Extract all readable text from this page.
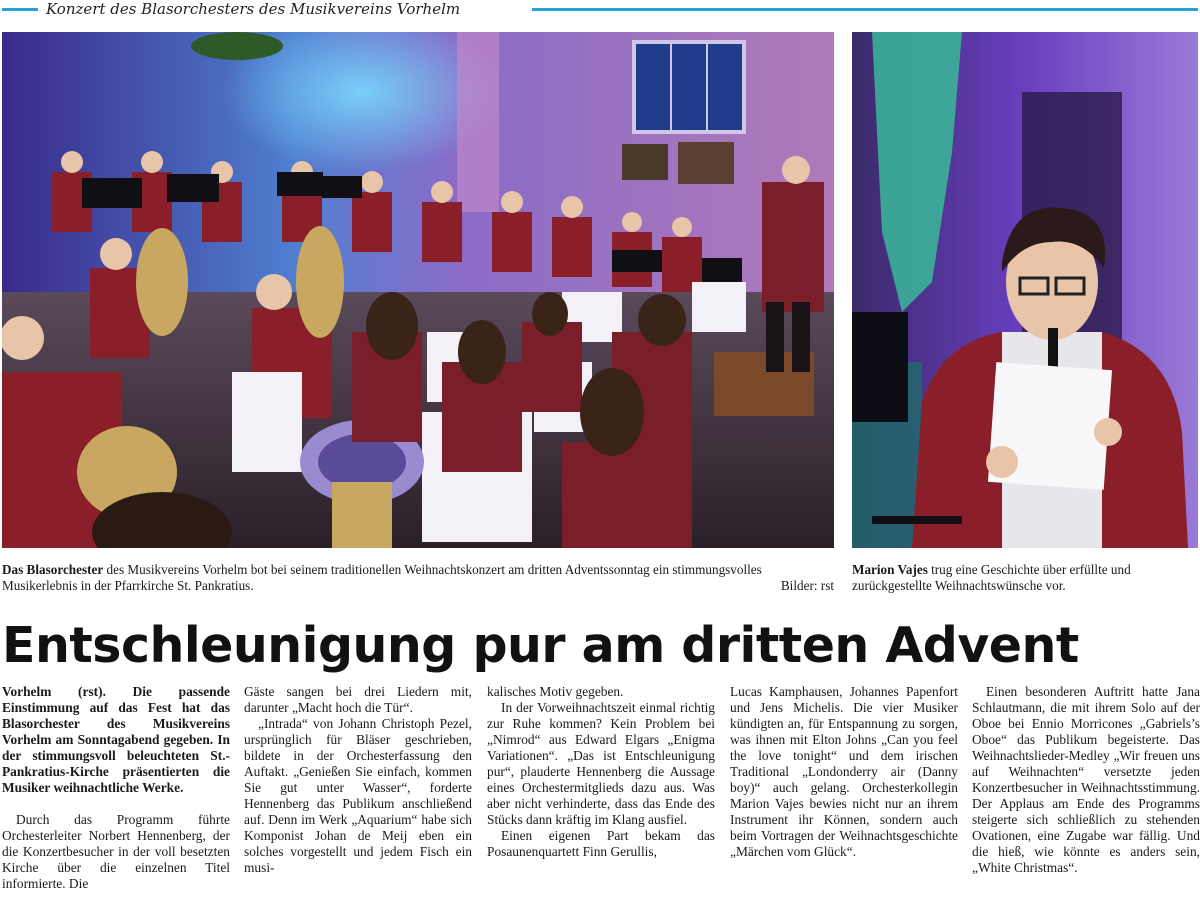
Konzert des Blasorchesters des Musikvereins Vorhelm
Das Blasorchester des Musikvereins Vorhelm bot bei seinem traditionellen Weihnachtskonzert am dritten Adventssonntag ein stimmungsvolles Musikerlebnis in der Pfarrkirche St. Pankratius.	Bilder: rst
Marion Vajes trug eine Geschichte über erfüllte und zurückgestellte Weihnachtswünsche vor.
Entschleunigung pur am dritten Advent

Vorhelm (rst). Die passende Einstimmung auf das Fest hat das Blasorchester des Musikvereins Vorhelm am Sonntagabend gegeben. In der stimmungsvoll beleuchteten St.-Pankratius-Kirche präsentierten die Musiker weihnachtliche Werke.

Durch das Programm führte Orchesterleiter Norbert Hennenberg, der die Konzertbesucher in der voll besetzten Kirche über die einzelnen Titel informierte. Die

Gäste sangen bei drei Liedern mit, darunter „Macht hoch die Tür“.

„Intrada“ von Johann Christoph Pezel, ursprünglich für Bläser geschrieben, bildete in der Orchesterfassung den Auftakt. „Genießen Sie einfach, kommen Sie gut unter Wasser“, forderte Hennenberg das Publikum anschließend auf. Denn im Werk „Aquarium“ habe sich Komponist Johan de Meij eben ein solches vorgestellt und jedem Fisch ein musi-

kalisches Motiv gegeben.

In der Vorweihnachtszeit einmal richtig zur Ruhe kommen? Kein Problem bei „Nimrod“ aus Edward Elgars „Enigma Variationen“. „Das ist Entschleunigung pur“, plauderte Hennenberg die Aussage eines Orchestermitglieds dazu aus. Was aber nicht verhinderte, dass das Ende des Stücks dann kräftig im Klang ausfiel.

Einen eigenen Part bekam das Posaunenquartett Finn Gerullis,

Lucas Kamphausen, Johannes Papenfort und Jens Michelis. Die vier Musiker kündigten an, für Entspannung zu sorgen, was ihnen mit Elton Johns „Can you feel the love tonight“ und dem irischen Traditional „Londonderry air (Danny boy)“ auch gelang. Orchesterkollegin Marion Vajes bewies nicht nur an ihrem Instrument ihr Können, sondern auch beim Vortragen der Weihnachtsgeschichte „Märchen vom Glück“.

Einen besonderen Auftritt hatte Jana Schlautmann, die mit ihrem Solo auf der Oboe bei Ennio Morricones „Gabriels’s Oboe“ das Publikum begeisterte. Das Weihnachtslieder-Medley „Wir freuen uns auf Weihnachten“ versetzte jeden Konzertbesucher in Weihnachtsstimmung. Der Applaus am Ende des Programms steigerte sich schließlich zu stehenden Ovationen, eine Zugabe war fällig. Und die hieß, wie könnte es anders sein, „White Christmas“.
